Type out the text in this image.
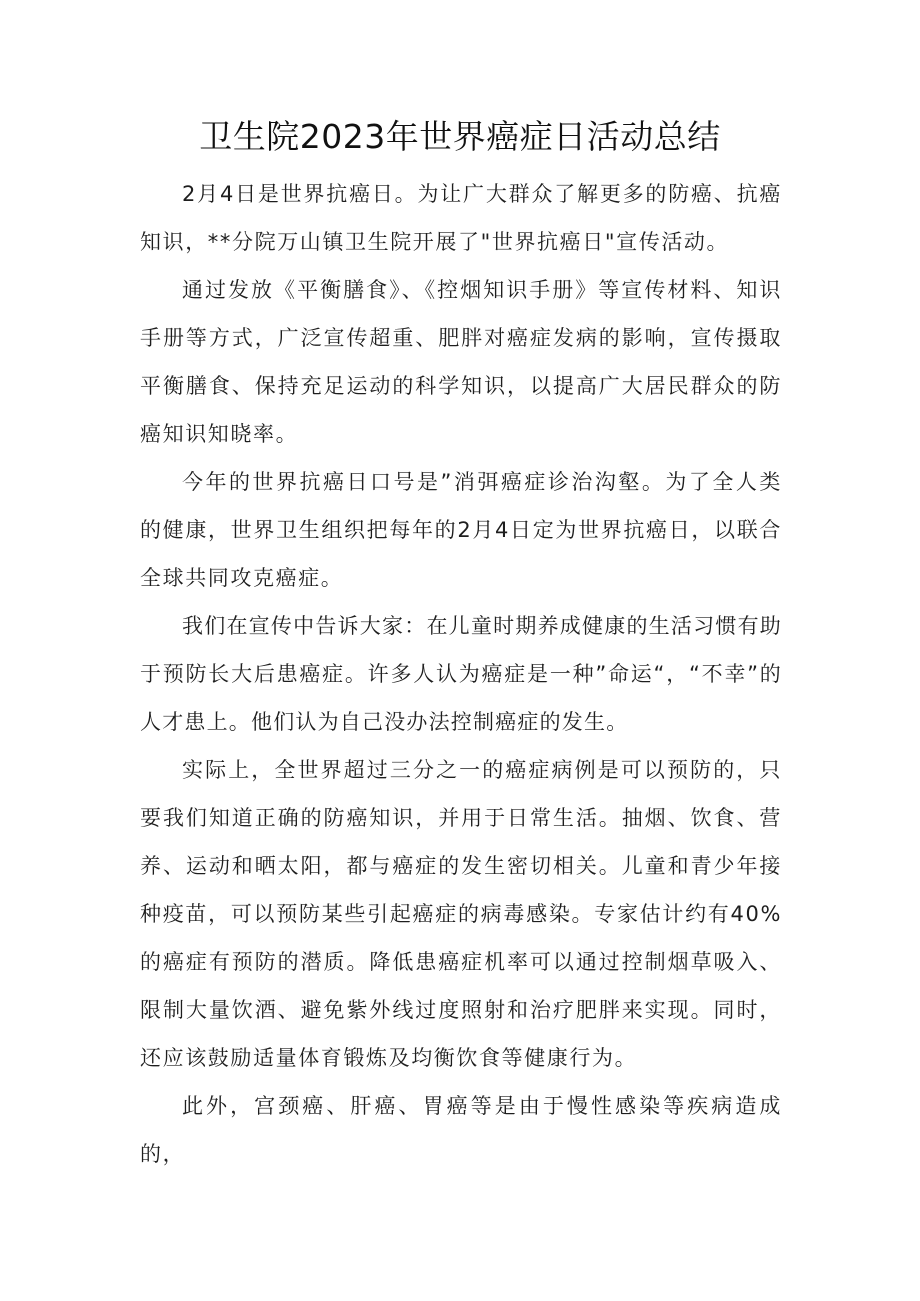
卫生院2023年世界癌症日活动总结

2月4日是世界抗癌日。为让广大群众了解更多的防癌、抗癌知识，**分院万山镇卫生院开展了"世界抗癌日"宣传活动。

通过发放《平衡膳食》、《控烟知识手册》等宣传材料、知识手册等方式，广泛宣传超重、肥胖对癌症发病的影响，宣传摄取平衡膳食、保持充足运动的科学知识，以提高广大居民群众的防癌知识知晓率。

今年的世界抗癌日口号是”消弭癌症诊治沟壑。为了全人类的健康，世界卫生组织把每年的2月4日定为世界抗癌日，以联合全球共同攻克癌症。

我们在宣传中告诉大家：在儿童时期养成健康的生活习惯有助于预防长大后患癌症。许多人认为癌症是一种”命运“，“不幸”的人才患上。他们认为自己没办法控制癌症的发生。

实际上，全世界超过三分之一的癌症病例是可以预防的，只要我们知道正确的防癌知识，并用于日常生活。抽烟、饮食、营养、运动和晒太阳，都与癌症的发生密切相关。儿童和青少年接种疫苗，可以预防某些引起癌症的病毒感染。专家估计约有40%的癌症有预防的潜质。降低患癌症机率可以通过控制烟草吸入、限制大量饮酒、避免紫外线过度照射和治疗肥胖来实现。同时，还应该鼓励适量体育锻炼及均衡饮食等健康行为。

此外，宫颈癌、肝癌、胃癌等是由于慢性感染等疾病造成的，
